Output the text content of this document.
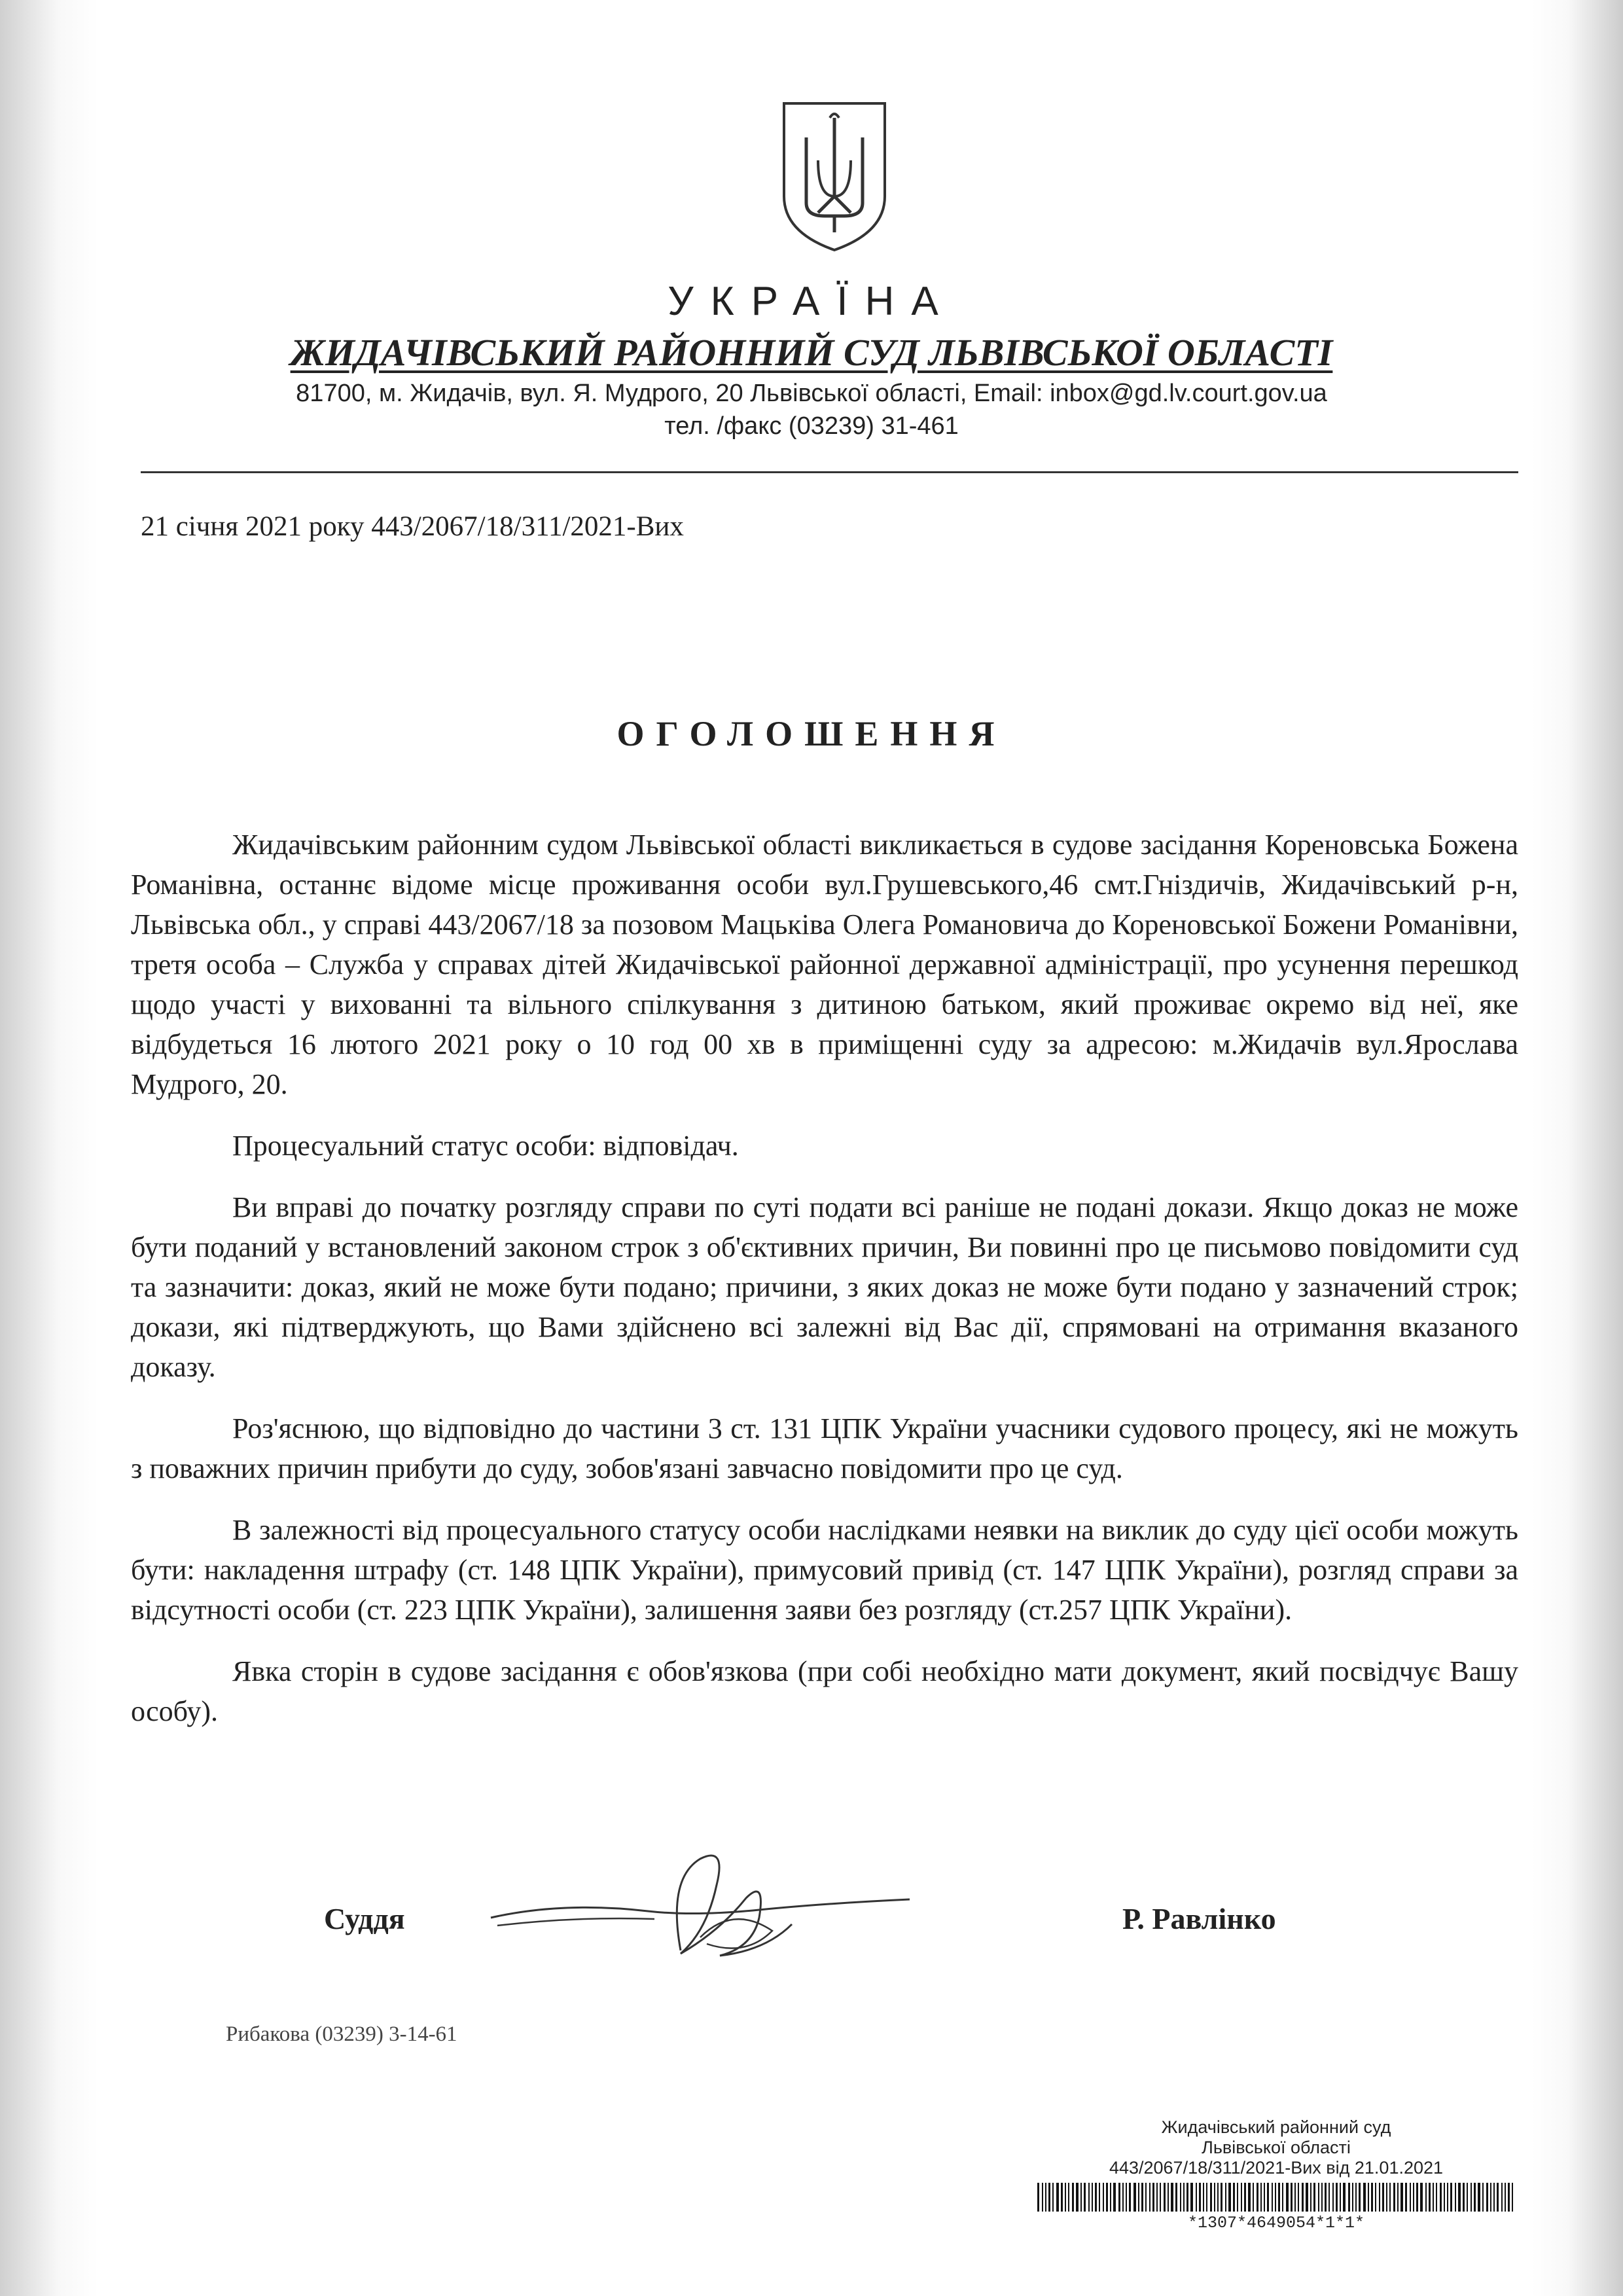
УКРАЇНА
ЖИДАЧІВСЬКИЙ РАЙОННИЙ СУД ЛЬВІВСЬКОЇ ОБЛАСТІ
81700, м. Жидачів, вул. Я. Мудрого, 20 Львівської області, Email: inbox@gd.lv.court.gov.ua
тел. /факс (03239) 31-461
21 січня 2021 року 443/2067/18/311/2021-Вих
ОГОЛОШЕННЯ

Жидачівським районним судом Львівської області викликається в судове засідання Кореновська Божена Романівна, останнє відоме місце проживання особи вул.Грушевського,46 смт.Гніздичів, Жидачівський р-н, Львівська обл., у справі 443/2067/18 за позовом Мацьківа Олега Романовича до Кореновської Божени Романівни, третя особа – Служба у справах дітей Жидачівської районної державної адміністрації, про усунення перешкод щодо участі у вихованні та вільного спілкування з дитиною батьком, який проживає окремо від неї, яке відбудеться 16 лютого 2021 року о 10 год 00 хв в приміщенні суду за адресою: м.Жидачів вул.Ярослава Мудрого, 20.

Процесуальний статус особи: відповідач.

Ви вправі до початку розгляду справи по суті подати всі раніше не подані докази. Якщо доказ не може бути поданий у встановлений законом строк з об'єктивних причин, Ви повинні про це письмово повідомити суд та зазначити: доказ, який не може бути подано; причини, з яких доказ не може бути подано у зазначений строк; докази, які підтверджують, що Вами здійснено всі залежні від Вас дії, спрямовані на отримання вказаного доказу.

Роз'яснюю, що відповідно до частини 3 ст. 131 ЦПК України учасники судового процесу, які не можуть з поважних причин прибути до суду, зобов'язані завчасно повідомити про це суд.

В залежності від процесуального статусу особи наслідками неявки на виклик до суду цієї особи можуть бути: накладення штрафу (ст. 148 ЦПК України), примусовий привід (ст. 147 ЦПК України), розгляд справи за відсутності особи (ст. 223 ЦПК України), залишення заяви без розгляду (ст.257 ЦПК України).

Явка сторін в судове засідання є обов'язкова (при собі необхідно мати документ, який посвідчує Вашу особу).

Суддя	Р. Равлінко
Рибакова (03239) 3-14-61
Жидачівський районний суд
Львівської області
443/2067/18/311/2021-Вих від 21.01.2021
*1307*4649054*1*1*
